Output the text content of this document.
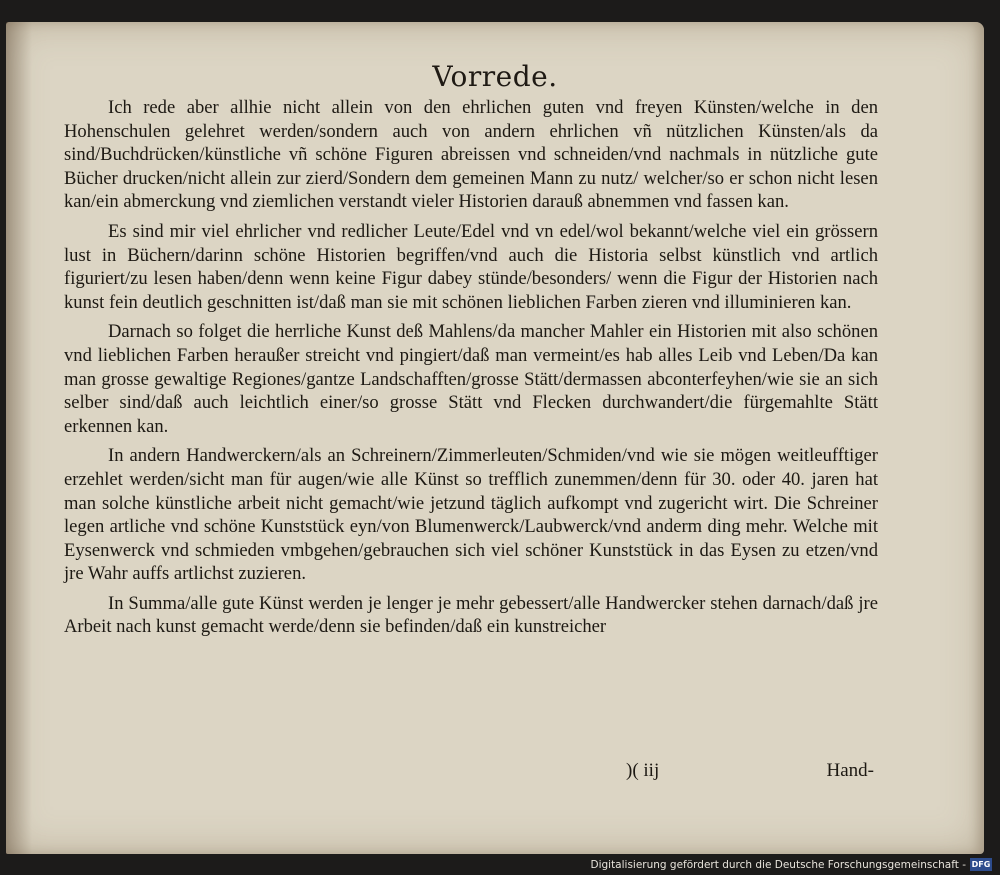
Vorrede.

Ich rede aber allhie nicht allein von den ehrlichen guten vnd freyen Künsten/welche in den Hohenschulen gelehret werden/sondern auch von andern ehrlichen vñ nützlichen Künsten/als da sind/Buchdrücken/künstliche vñ schöne Figuren abreissen vnd schneiden/vnd nachmals in nützliche gute Bücher drucken/nicht allein zur zierd/Sondern dem gemeinen Mann zu nutz/ welcher/so er schon nicht lesen kan/ein abmerckung vnd ziemlichen verstandt vieler Historien darauß abnemmen vnd fassen kan.

Es sind mir viel ehrlicher vnd redlicher Leute/Edel vnd vn edel/wol bekannt/welche viel ein grössern lust in Büchern/darinn schöne Historien begriffen/vnd auch die Historia selbst künstlich vnd artlich figuriert/zu lesen haben/denn wenn keine Figur dabey stünde/besonders/ wenn die Figur der Historien nach kunst fein deutlich geschnitten ist/daß man sie mit schönen lieblichen Farben zieren vnd illuminieren kan.

Darnach so folget die herrliche Kunst deß Mahlens/da mancher Mahler ein Historien mit also schönen vnd lieblichen Farben heraußer streicht vnd pingiert/daß man vermeint/es hab alles Leib vnd Leben/Da kan man grosse gewaltige Regiones/gantze Landschafften/grosse Stätt/dermassen abconterfeyhen/wie sie an sich selber sind/daß auch leichtlich einer/so grosse Stätt vnd Flecken durchwandert/die fürgemahlte Stätt erkennen kan.

In andern Handwerckern/als an Schreinern/Zimmerleuten/Schmiden/vnd wie sie mögen weitleufftiger erzehlet werden/sicht man für augen/wie alle Künst so trefflich zunemmen/denn für 30. oder 40. jaren hat man solche künstliche arbeit nicht gemacht/wie jetzund täglich aufkompt vnd zugericht wirt. Die Schreiner legen artliche vnd schöne Kunststück eyn/von Blumenwerck/Laubwerck/vnd anderm ding mehr. Welche mit Eysenwerck vnd schmieden vmbgehen/gebrauchen sich viel schöner Kunststück in das Eysen zu etzen/vnd jre Wahr auffs artlichst zuzieren.

In Summa/alle gute Künst werden je lenger je mehr gebessert/alle Handwercker stehen darnach/daß jre Arbeit nach kunst gemacht werde/denn sie befinden/daß ein kunstreicher

)( iij	Hand-
Digitalisierung gefördert durch die Deutsche Forschungsgemeinschaft - DFG
